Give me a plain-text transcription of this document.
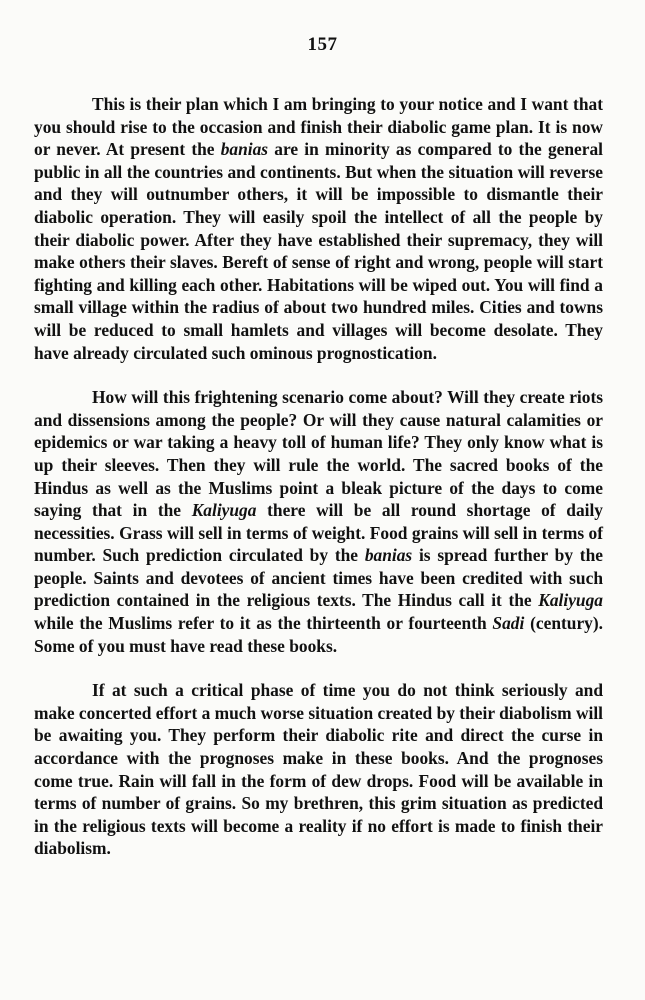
157

This is their plan which I am bringing to your notice and I want that you should rise to the occasion and finish their diabolic game plan. It is now or never. At present the banias are in minority as compared to the general public in all the countries and continents. But when the situation will reverse and they will outnumber others, it will be impossible to dismantle their diabolic operation. They will easily spoil the intellect of all the people by their diabolic power. After they have established their supremacy, they will make others their slaves. Bereft of sense of right and wrong, people will start fighting and killing each other. Habitations will be wiped out. You will find a small village within the radius of about two hundred miles. Cities and towns will be reduced to small hamlets and villages will become desolate. They have already circulated such ominous prognostication.

How will this frightening scenario come about? Will they create riots and dissensions among the people? Or will they cause natural calamities or epidemics or war taking a heavy toll of human life? They only know what is up their sleeves. Then they will rule the world. The sacred books of the Hindus as well as the Muslims point a bleak picture of the days to come saying that in the Kaliyuga there will be all round shortage of daily necessities. Grass will sell in terms of weight. Food grains will sell in terms of number. Such prediction circulated by the banias is spread further by the people. Saints and devotees of ancient times have been credited with such prediction contained in the religious texts. The Hindus call it the Kaliyuga while the Muslims refer to it as the thirteenth or fourteenth Sadi (century). Some of you must have read these books.

If at such a critical phase of time you do not think seriously and make concerted effort a much worse situation created by their diabolism will be awaiting you. They perform their diabolic rite and direct the curse in accordance with the prognoses make in these books. And the prognoses come true. Rain will fall in the form of dew drops. Food will be available in terms of number of grains. So my brethren, this grim situation as predicted in the religious texts will become a reality if no effort is made to finish their diabolism.
